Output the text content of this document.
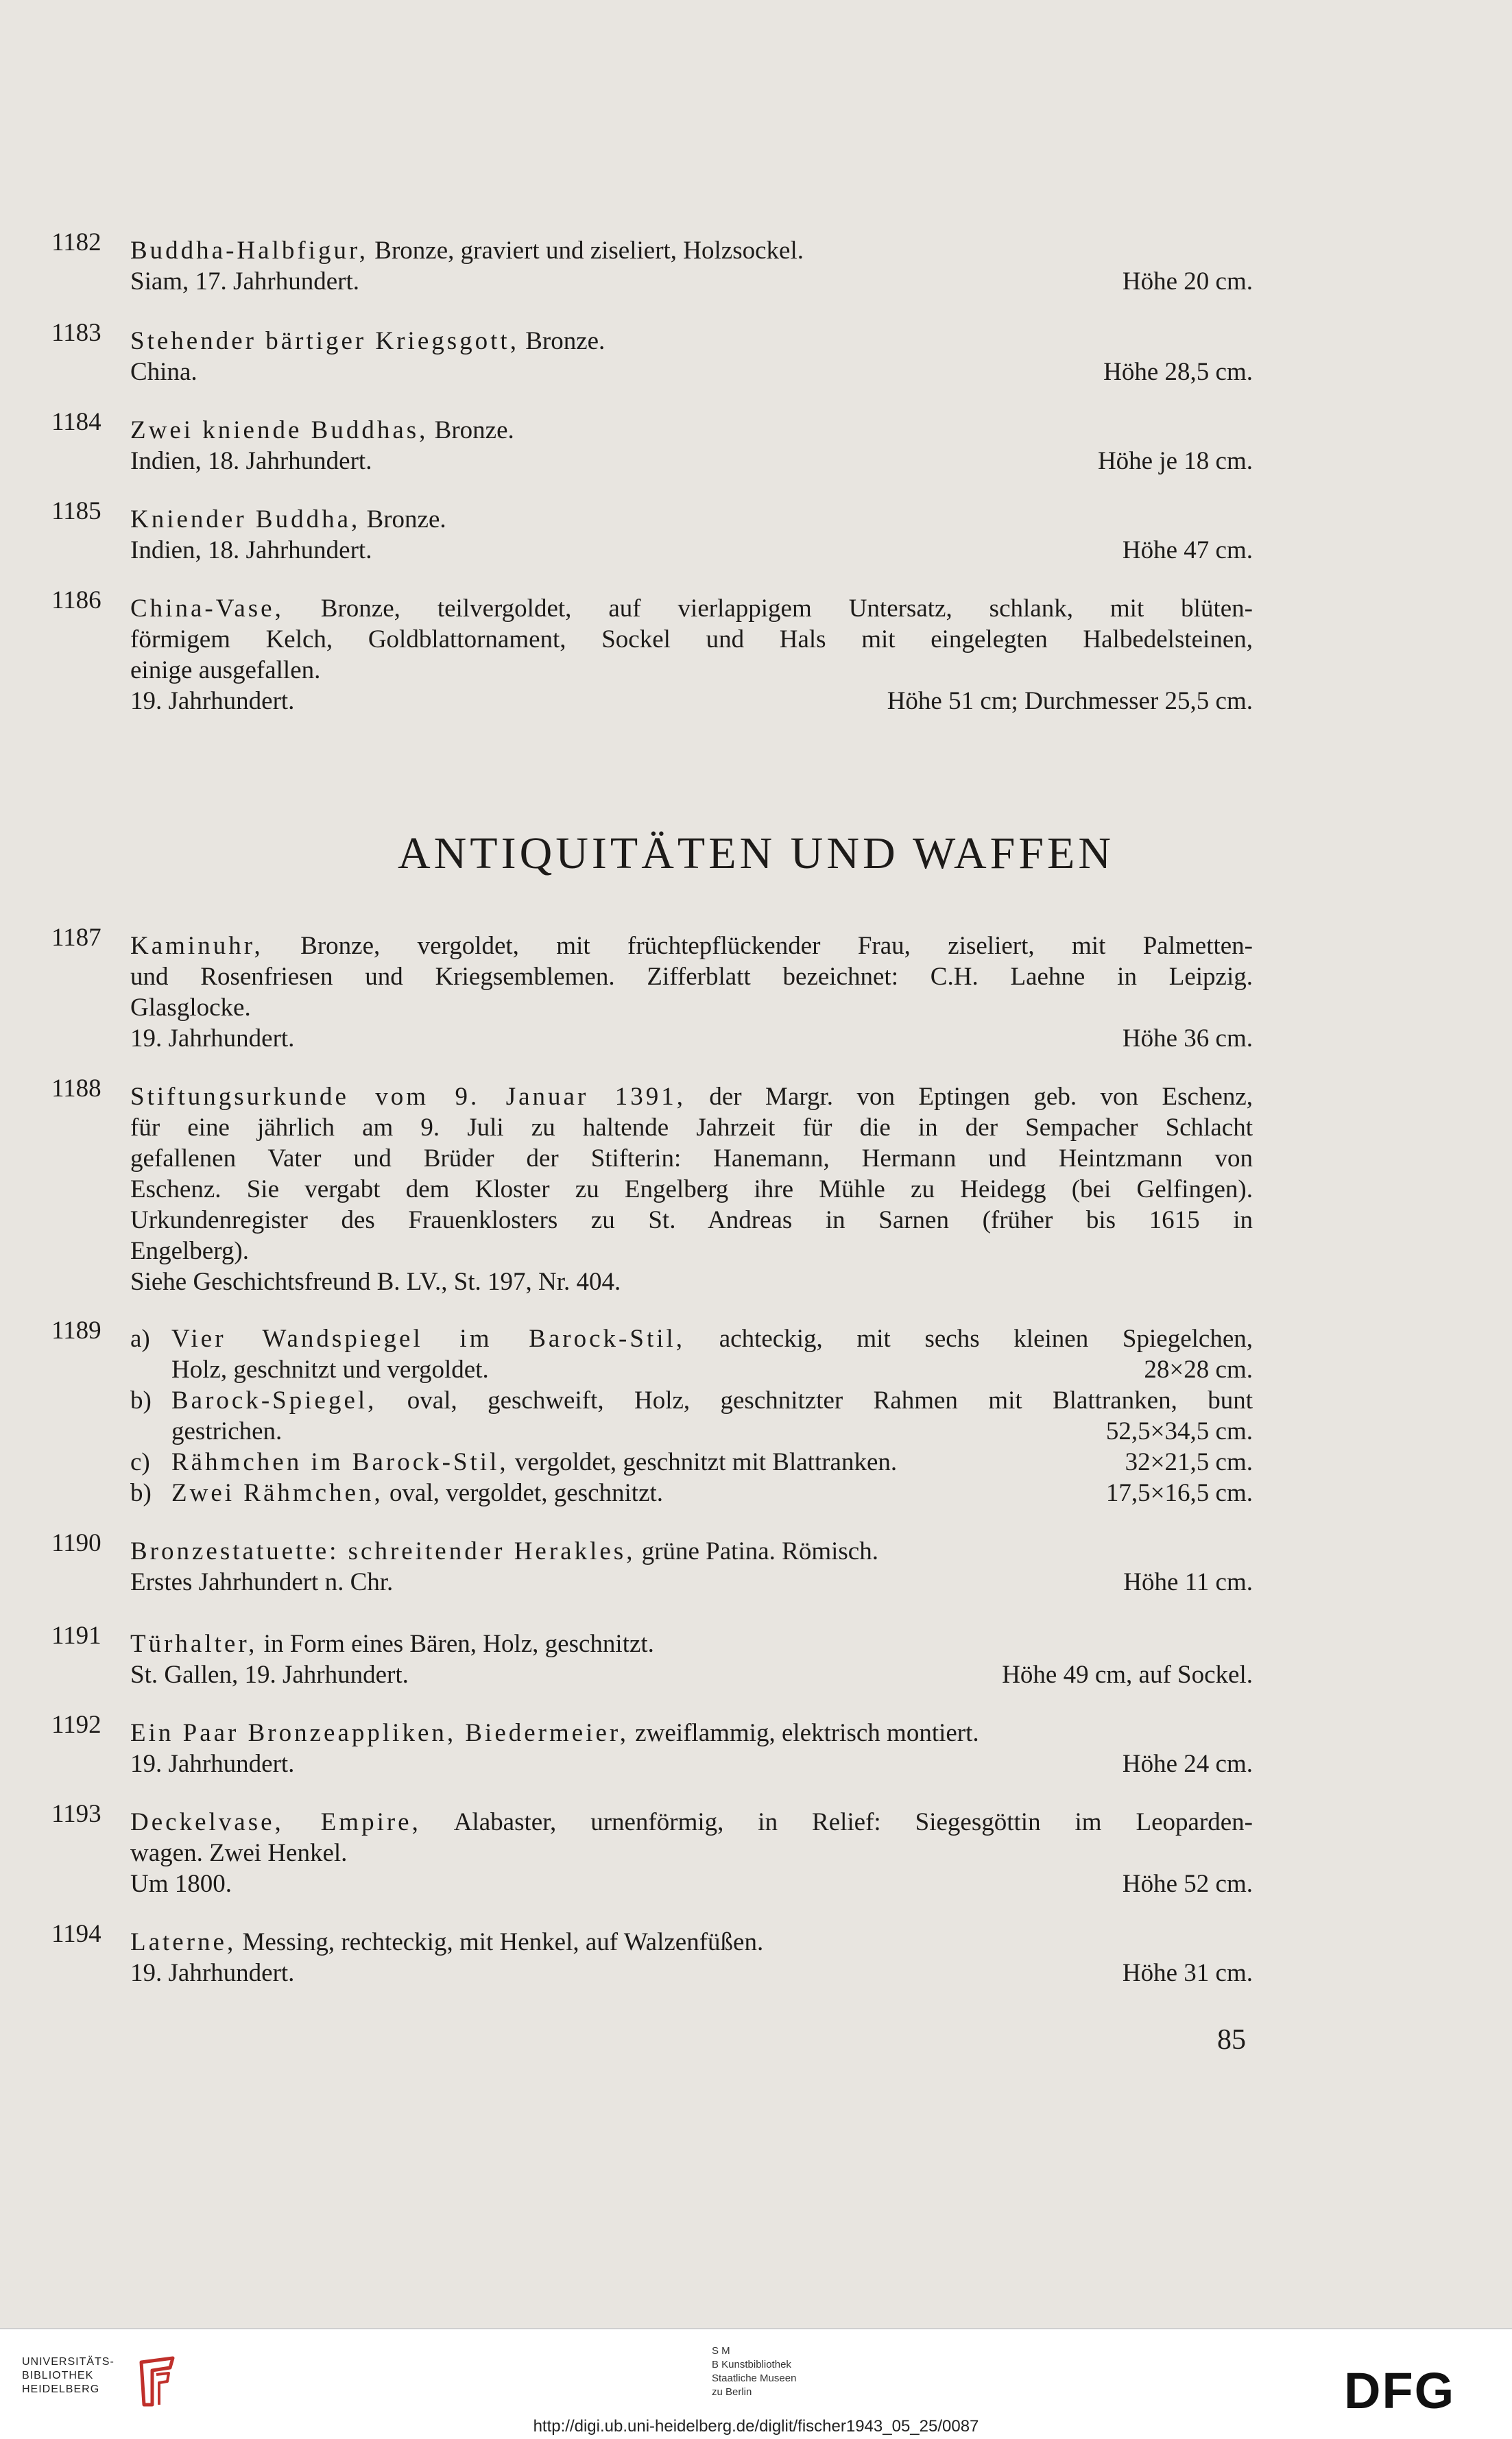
1182 Buddha-Halbfigur, Bronze, graviert und ziseliert, Holzsockel.
Siam, 17. Jahrhundert.	Höhe 20 cm.
1183 Stehender bärtiger Kriegsgott, Bronze.
China.	Höhe 28,5 cm.
1184 Zwei kniende Buddhas, Bronze.
Indien, 18. Jahrhundert.	Höhe je 18 cm.
1185 Kniender Buddha, Bronze.
Indien, 18. Jahrhundert.	Höhe 47 cm.
1186 China-Vase, Bronze, teilvergoldet, auf vierlappigem Untersatz, schlank, mit blüten-
förmigem Kelch, Goldblattornament, Sockel und Hals mit eingelegten Halbedelsteinen,
einige ausgefallen.
19. Jahrhundert.	Höhe 51 cm; Durchmesser 25,5 cm.
ANTIQUITÄTEN UND WAFFEN
1187 Kaminuhr, Bronze, vergoldet, mit früchtepflückender Frau, ziseliert, mit Palmetten-
und Rosenfriesen und Kriegsemblemen. Zifferblatt bezeichnet: C.H. Laehne in Leipzig.
Glasglocke.
19. Jahrhundert.	Höhe 36 cm.
1188 Stiftungsurkunde vom 9. Januar 1391, der Margr. von Eptingen geb. von Eschenz,
für eine jährlich am 9. Juli zu haltende Jahrzeit für die in der Sempacher Schlacht
gefallenen Vater und Brüder der Stifterin: Hanemann, Hermann und Heintzmann von
Eschenz. Sie vergabt dem Kloster zu Engelberg ihre Mühle zu Heidegg (bei Gelfingen).
Urkundenregister des Frauenklosters zu St. Andreas in Sarnen (früher bis 1615 in
Engelberg).
Siehe Geschichtsfreund B. LV., St. 197, Nr. 404.
1189 a) Vier Wandspiegel im Barock-Stil, achteckig, mit sechs kleinen Spiegelchen,
Holz, geschnitzt und vergoldet.	28×28 cm.
b) Barock-Spiegel, oval, geschweift, Holz, geschnitzter Rahmen mit Blattranken, bunt
gestrichen.	52,5×34,5 cm.
c) Rähmchen im Barock-Stil, vergoldet, geschnitzt mit Blattranken.	32×21,5 cm.
b) Zwei Rähmchen, oval, vergoldet, geschnitzt.	17,5×16,5 cm.
1190 Bronzestatuette: schreitender Herakles, grüne Patina. Römisch.
Erstes Jahrhundert n. Chr.	Höhe 11 cm.
1191 Türhalter, in Form eines Bären, Holz, geschnitzt.
St. Gallen, 19. Jahrhundert.	Höhe 49 cm, auf Sockel.
1192 Ein Paar Bronzeappliken, Biedermeier, zweiflammig, elektrisch montiert.
19. Jahrhundert.	Höhe 24 cm.
1193 Deckelvase, Empire, Alabaster, urnenförmig, in Relief: Siegesgöttin im Leoparden-
wagen. Zwei Henkel.
Um 1800.	Höhe 52 cm.
1194 Laterne, Messing, rechteckig, mit Henkel, auf Walzenfüßen.
19. Jahrhundert.	Höhe 31 cm.
85
UNIVERSITÄTS-
BIBLIOTHEK
HEIDELBERG
S M
B Kunstbibliothek
Staatliche Museen
zu Berlin	DFG
http://digi.ub.uni-heidelberg.de/diglit/fischer1943_05_25/0087
